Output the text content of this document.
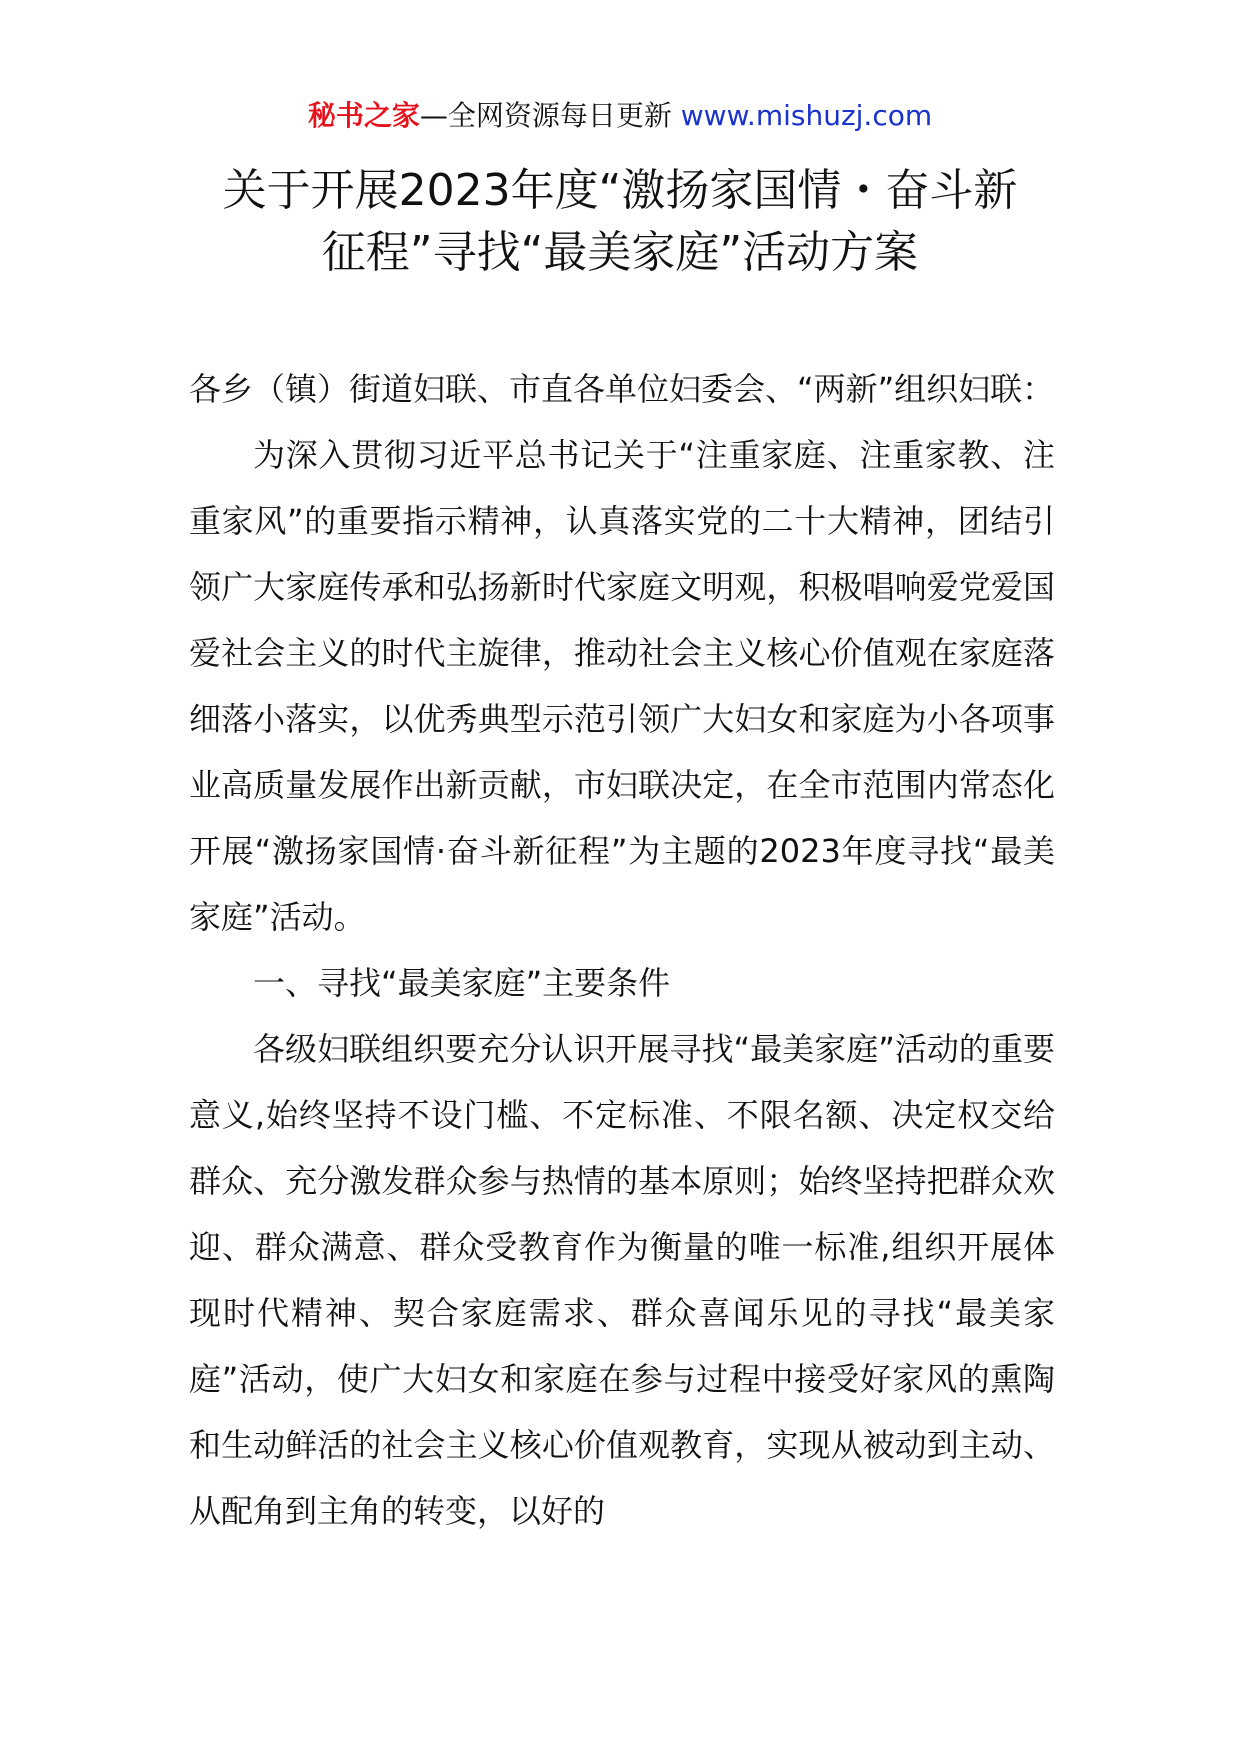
秘书之家—全网资源每日更新 www.mishuzj.com
关于开展2023年度“激扬家国情・奋斗新
征程”寻找“最美家庭”活动方案

各乡（镇）街道妇联、市直各单位妇委会、“两新”组织妇联：

为深入贯彻习近平总书记关于“注重家庭、注重家教、注重家风”的重要指示精神，认真落实党的二十大精神，团结引领广大家庭传承和弘扬新时代家庭文明观，积极唱响爱党爱国爱社会主义的时代主旋律，推动社会主义核心价值观在家庭落细落小落实，以优秀典型示范引领广大妇女和家庭为小各项事业高质量发展作出新贡献，市妇联决定，在全市范围内常态化开展“激扬家国情·奋斗新征程”为主题的2023年度寻找“最美家庭”活动。

一、寻找“最美家庭”主要条件

各级妇联组织要充分认识开展寻找“最美家庭”活动的重要意义,始终坚持不设门槛、不定标准、不限名额、决定权交给群众、充分激发群众参与热情的基本原则；始终坚持把群众欢迎、群众满意、群众受教育作为衡量的唯一标准,组织开展体现时代精神、契合家庭需求、群众喜闻乐见的寻找“最美家庭”活动，使广大妇女和家庭在参与过程中接受好家风的熏陶和生动鲜活的社会主义核心价值观教育，实现从被动到主动、从配角到主角的转变，以好的
